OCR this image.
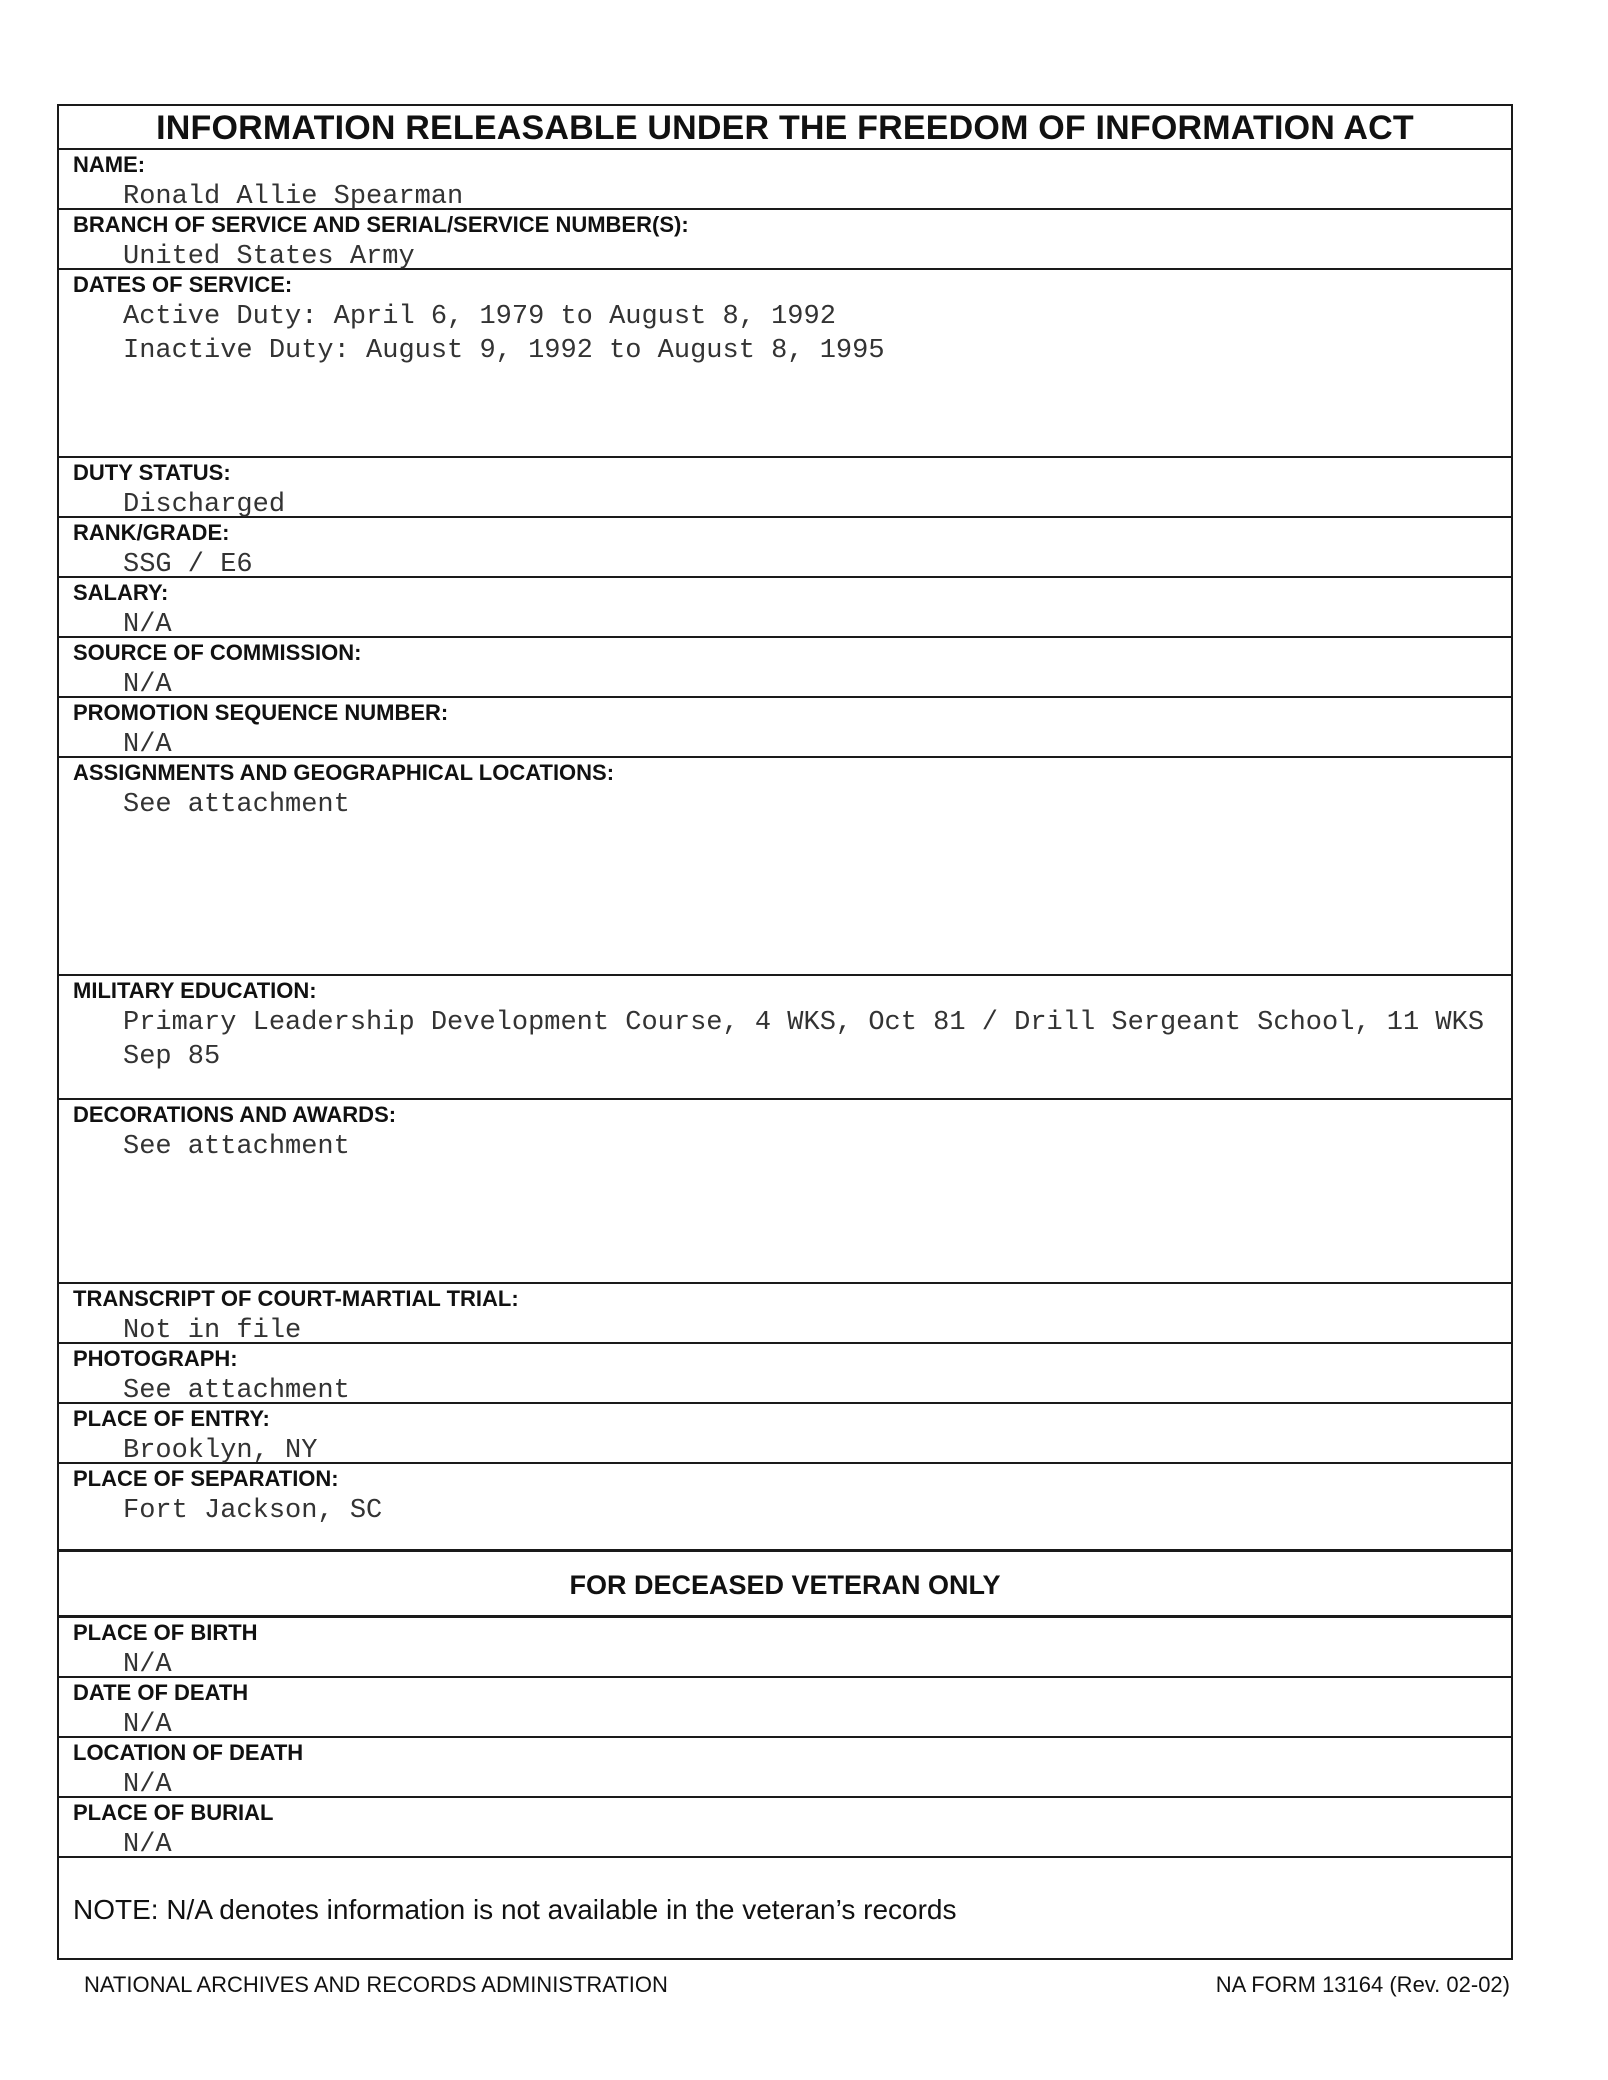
INFORMATION RELEASABLE UNDER THE FREEDOM OF INFORMATION ACT
NAME:
Ronald Allie Spearman
BRANCH OF SERVICE AND SERIAL/SERVICE NUMBER(S):
United States Army
DATES OF SERVICE:
Active Duty: April 6, 1979 to August 8, 1992
Inactive Duty: August 9, 1992 to August 8, 1995
DUTY STATUS:
Discharged
RANK/GRADE:
SSG / E6
SALARY:
N/A
SOURCE OF COMMISSION:
N/A
PROMOTION SEQUENCE NUMBER:
N/A
ASSIGNMENTS AND GEOGRAPHICAL LOCATIONS:
See attachment
MILITARY EDUCATION:
Primary Leadership Development Course, 4 WKS, Oct 81 / Drill Sergeant School, 11 WKS Sep 85
DECORATIONS AND AWARDS:
See attachment
TRANSCRIPT OF COURT-MARTIAL TRIAL:
Not in file
PHOTOGRAPH:
See attachment
PLACE OF ENTRY:
Brooklyn, NY
PLACE OF SEPARATION:
Fort Jackson, SC
FOR DECEASED VETERAN ONLY
PLACE OF BIRTH
N/A
DATE OF DEATH
N/A
LOCATION OF DEATH
N/A
PLACE OF BURIAL
N/A
NOTE: N/A denotes information is not available in the veteran’s records
NATIONAL ARCHIVES AND RECORDS ADMINISTRATION	NA FORM 13164 (Rev. 02-02)
